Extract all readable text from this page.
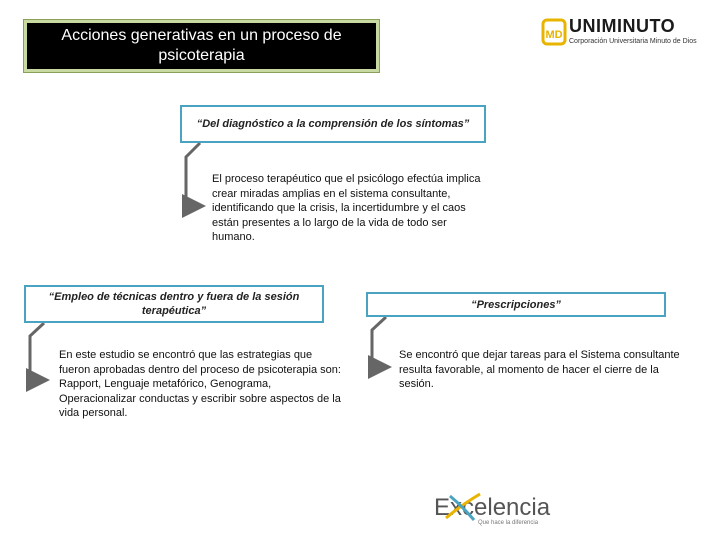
Acciones generativas en un proceso de psicoterapia
MD UNIMINUTO
Corporación Universitaria Minuto de Dios
“Del diagnóstico a la comprensión de los síntomas”
El proceso terapéutico que el psicólogo efectúa implica crear miradas amplias en el sistema consultante, identificando que la crisis, la incertidumbre y el caos están presentes a lo largo de la vida de todo ser humano.
“Empleo de técnicas dentro y fuera de la sesión terapéutica”
En este estudio se encontró que las estrategias que fueron aprobadas dentro del proceso de psicoterapia son: Rapport, Lenguaje metafórico, Genograma, Operacionalizar conductas y escribir sobre aspectos de la vida personal.
“Prescripciones”
Se encontró que dejar tareas para el Sistema consultante resulta favorable, al momento de hacer el cierre de la sesión.
Excelencia
Que hace la diferencia
